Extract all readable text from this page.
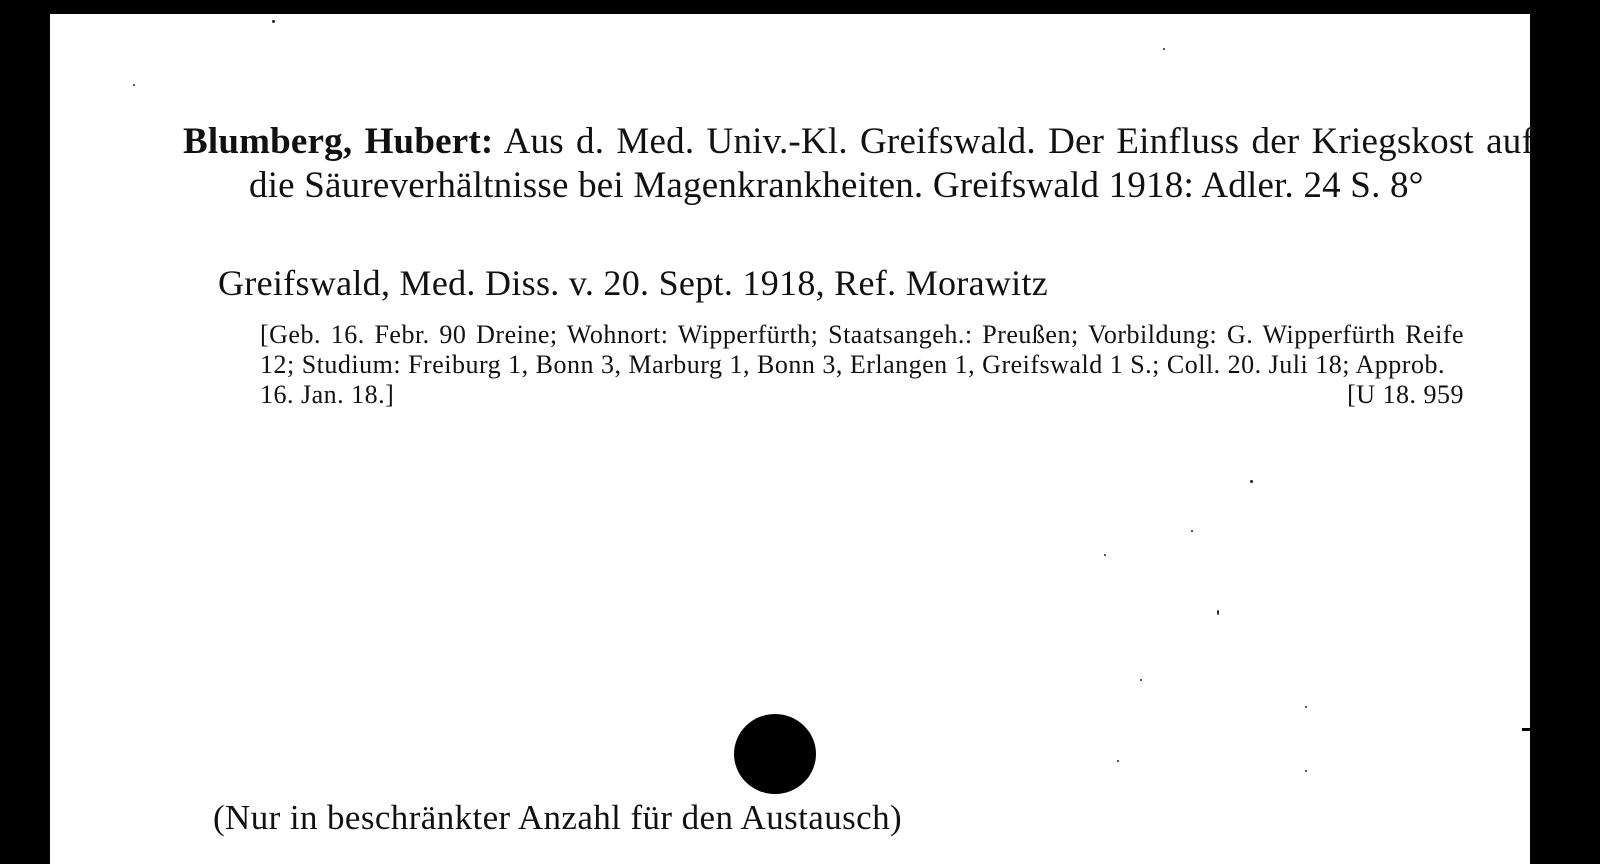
Blumberg, Hubert: Aus d. Med. Univ.-Kl. Greifswald. Der Einfluss der Kriegskost auf die Säureverhältnisse bei Magenkrankheiten. Greifswald 1918: Adler. 24 S. 8°
Greifswald, Med. Diss. v. 20. Sept. 1918, Ref. Morawitz
[Geb. 16. Febr. 90 Dreine; Wohnort: Wipperfürth; Staatsangeh.: Preußen; Vorbildung: G. Wipperfürth Reife 12; Studium: Freiburg 1, Bonn 3, Marburg 1, Bonn 3, Erlangen 1, Greifswald 1 S.; Coll. 20. Juli 18; Approb.
16. Jan. 18.]	[U 18. 959
(Nur in beschränkter Anzahl für den Austausch)
